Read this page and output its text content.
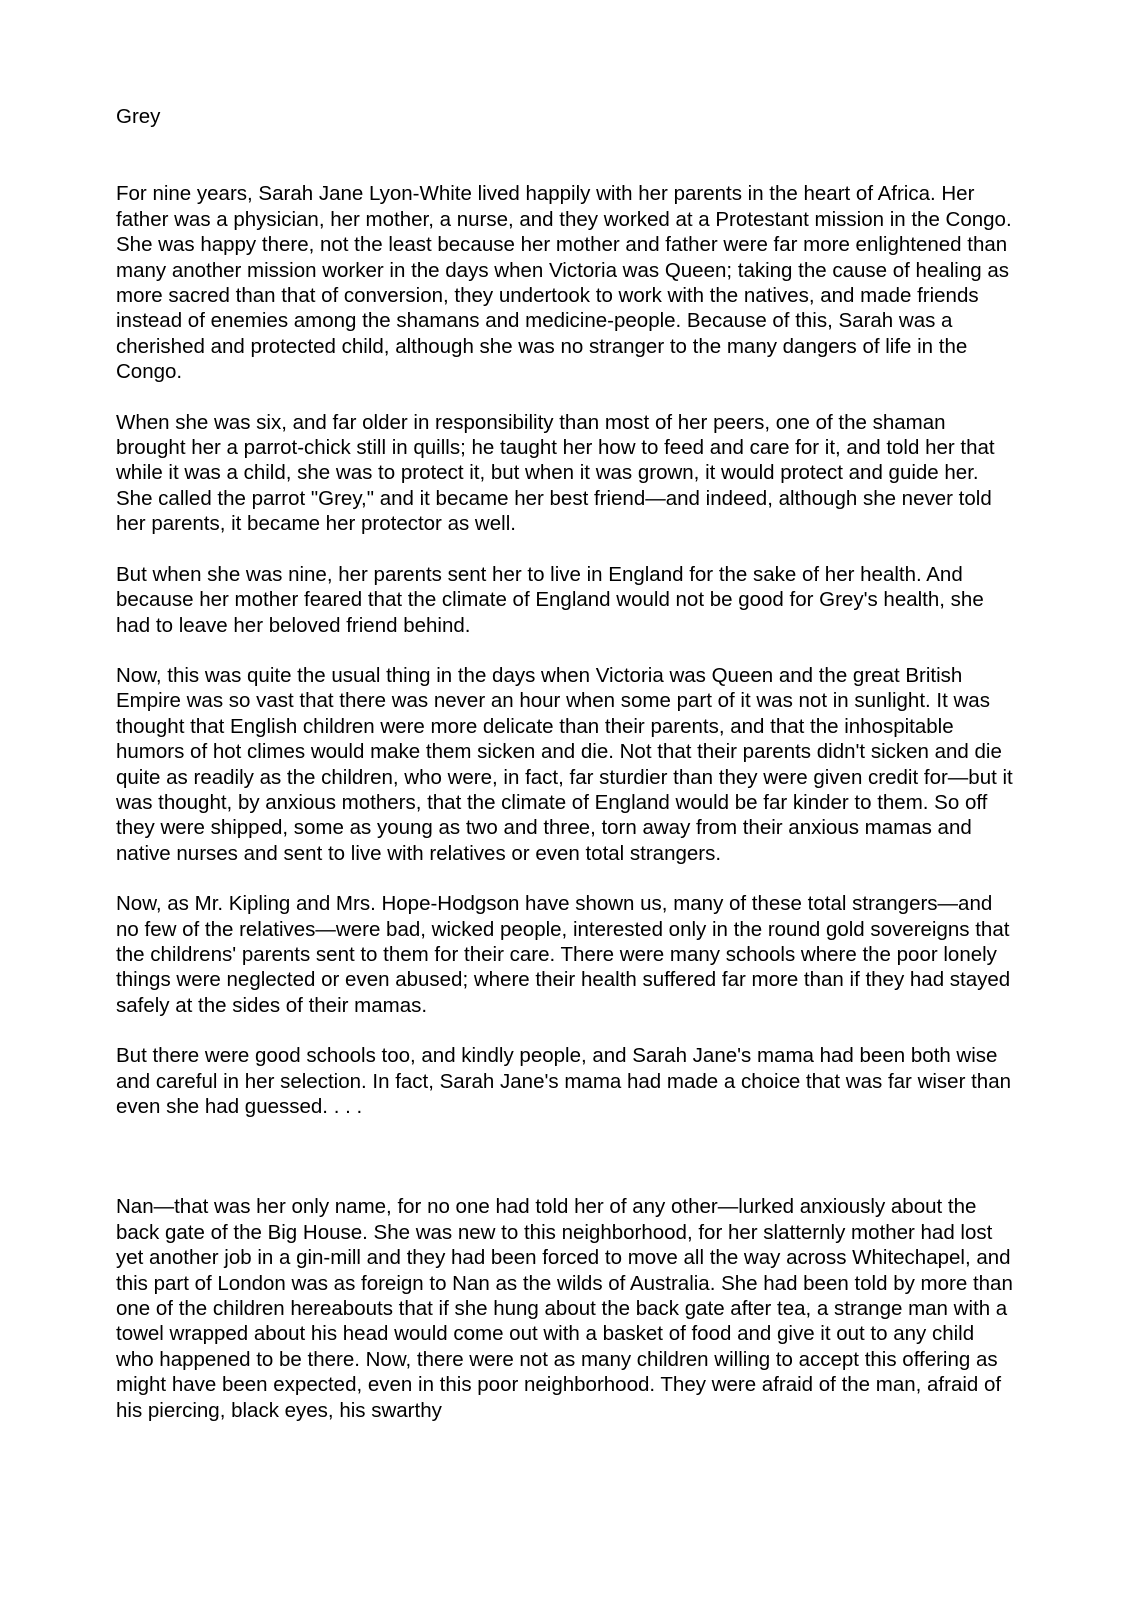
Grey

For nine years, Sarah Jane Lyon-White lived happily with her parents in the heart of Africa. Her father was a physician, her mother, a nurse, and they worked at a Protestant mission in the Congo. She was happy there, not the least because her mother and father were far more enlightened than many another mission worker in the days when Victoria was Queen; taking the cause of healing as more sacred than that of conversion, they undertook to work with the natives, and made friends instead of enemies among the shamans and medicine-people. Because of this, Sarah was a cherished and protected child, although she was no stranger to the many dangers of life in the Congo.

When she was six, and far older in responsibility than most of her peers, one of the shaman brought her a parrot-chick still in quills; he taught her how to feed and care for it, and told her that while it was a child, she was to protect it, but when it was grown, it would protect and guide her. She called the parrot "Grey," and it became her best friend—and indeed, although she never told her parents, it became her protector as well.

But when she was nine, her parents sent her to live in England for the sake of her health. And because her mother feared that the climate of England would not be good for Grey's health, she had to leave her beloved friend behind.

Now, this was quite the usual thing in the days when Victoria was Queen and the great British Empire was so vast that there was never an hour when some part of it was not in sunlight. It was thought that English children were more delicate than their parents, and that the inhospitable humors of hot climes would make them sicken and die. Not that their parents didn't sicken and die quite as readily as the children, who were, in fact, far sturdier than they were given credit for—but it was thought, by anxious mothers, that the climate of England would be far kinder to them. So off they were shipped, some as young as two and three, torn away from their anxious mamas and native nurses and sent to live with relatives or even total strangers.

Now, as Mr. Kipling and Mrs. Hope-Hodgson have shown us, many of these total strangers—and no few of the relatives—were bad, wicked people, interested only in the round gold sovereigns that the childrens' parents sent to them for their care. There were many schools where the poor lonely things were neglected or even abused; where their health suffered far more than if they had stayed safely at the sides of their mamas.

But there were good schools too, and kindly people, and Sarah Jane's mama had been both wise and careful in her selection. In fact, Sarah Jane's mama had made a choice that was far wiser than even she had guessed. . . .

Nan—that was her only name, for no one had told her of any other—lurked anxiously about the back gate of the Big House. She was new to this neighborhood, for her slatternly mother had lost yet another job in a gin-mill and they had been forced to move all the way across Whitechapel, and this part of London was as foreign to Nan as the wilds of Australia. She had been told by more than one of the children hereabouts that if she hung about the back gate after tea, a strange man with a towel wrapped about his head would come out with a basket of food and give it out to any child who happened to be there. Now, there were not as many children willing to accept this offering as might have been expected, even in this poor neighborhood. They were afraid of the man, afraid of his piercing, black eyes, his swarthy
